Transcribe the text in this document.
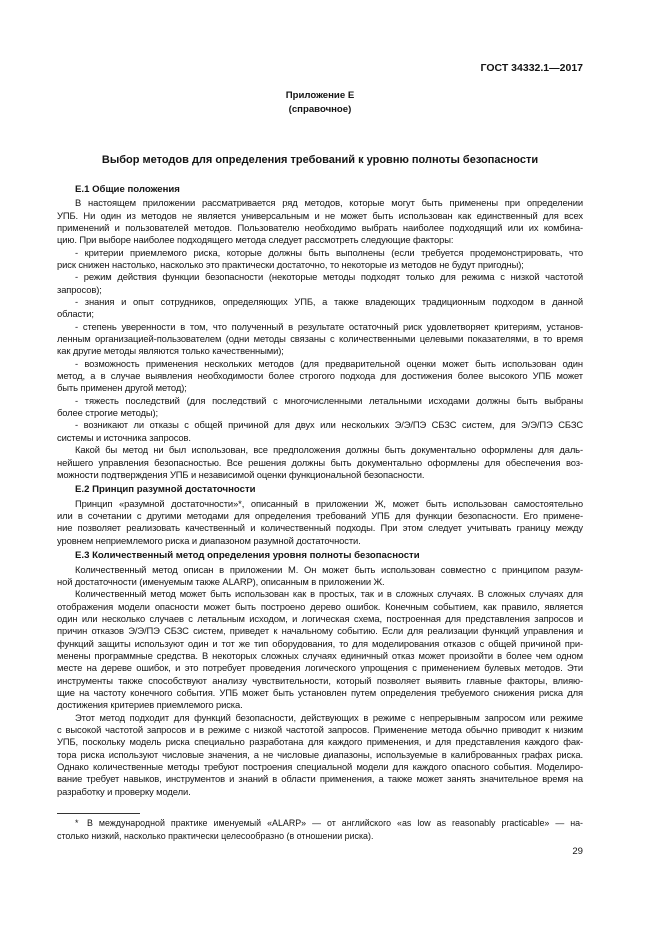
ГОСТ 34332.1—2017
Приложение Е
(справочное)
Выбор методов для определения требований к уровню полноты безопасности
Е.1 Общие положения
В настоящем приложении рассматривается ряд методов, которые могут быть применены при определении
УПБ. Ни один из методов не является универсальным и не может быть использован как единственный для всех
применений и пользователей методов. Пользователю необходимо выбрать наиболее подходящий или их комбина-
цию. При выборе наиболее подходящего метода следует рассмотреть следующие факторы:
- критерии приемлемого риска, которые должны быть выполнены (если требуется продемонстрировать, что
риск снижен настолько, насколько это практически достаточно, то некоторые из методов не будут пригодны);
- режим действия функции безопасности (некоторые методы подходят только для режима с низкой частотой
запросов);
- знания и опыт сотрудников, определяющих УПБ, а также владеющих традиционным подходом в данной
области;
- степень уверенности в том, что полученный в результате остаточный риск удовлетворяет критериям, установ-
ленным организацией-пользователем (одни методы связаны с количественными целевыми показателями, в то время
как другие методы являются только качественными);
- возможность применения нескольких методов (для предварительной оценки может быть использован один
метод, а в случае выявления необходимости более строгого подхода для достижения более высокого УПБ может
быть применен другой метод);
- тяжесть последствий (для последствий с многочисленными летальными исходами должны быть выбраны
более строгие методы);
- возникают ли отказы с общей причиной для двух или нескольких Э/Э/ПЭ СБЗС систем, для Э/Э/ПЭ СБЗС
системы и источника запросов.
Какой бы метод ни был использован, все предположения должны быть документально оформлены для даль-
нейшего управления безопасностью. Все решения должны быть документально оформлены для обеспечения воз-
можности подтверждения УПБ и независимой оценки функциональной безопасности.
Е.2 Принцип разумной достаточности
Принцип «разумной достаточности»*, описанный в приложении Ж, может быть использован самостоятельно
или в сочетании с другими методами для определения требований УПБ для функции безопасности. Его примене-
ние позволяет реализовать качественный и количественный подходы. При этом следует учитывать границу между
уровнем неприемлемого риска и диапазоном разумной достаточности.
Е.3 Количественный метод определения уровня полноты безопасности
Количественный метод описан в приложении М. Он может быть использован совместно с принципом разум-
ной достаточности (именуемым также ALARP), описанным в приложении Ж.
Количественный метод может быть использован как в простых, так и в сложных случаях. В сложных случаях для
отображения модели опасности может быть построено дерево ошибок. Конечным событием, как правило, является
один или несколько случаев с летальным исходом, и логическая схема, построенная для представления запросов и
причин отказов Э/Э/ПЭ СБЗС систем, приведет к начальному событию. Если для реализации функций управления и
функций защиты используют один и тот же тип оборудования, то для моделирования отказов с общей причиной при-
менены программные средства. В некоторых сложных случаях единичный отказ может произойти в более чем одном
месте на дереве ошибок, и это потребует проведения логического упрощения с применением булевых методов. Эти
инструменты также способствуют анализу чувствительности, который позволяет выявить главные факторы, влияю-
щие на частоту конечного события. УПБ может быть установлен путем определения требуемого снижения риска для
достижения критериев приемлемого риска.
Этот метод подходит для функций безопасности, действующих в режиме с непрерывным запросом или режиме
с высокой частотой запросов и в режиме с низкой частотой запросов. Применение метода обычно приводит к низким
УПБ, поскольку модель риска специально разработана для каждого применения, и для представления каждого фак-
тора риска используют числовые значения, а не числовые диапазоны, используемые в калиброванных графах риска.
Однако количественные методы требуют построения специальной модели для каждого опасного события. Моделиро-
вание требует навыков, инструментов и знаний в области применения, а также может занять значительное время на
разработку и проверку модели.
* В международной практике именуемый «ALARP» — от английского «as low as reasonably practicable» — на-
столько низкий, насколько практически целесообразно (в отношении риска).
29
